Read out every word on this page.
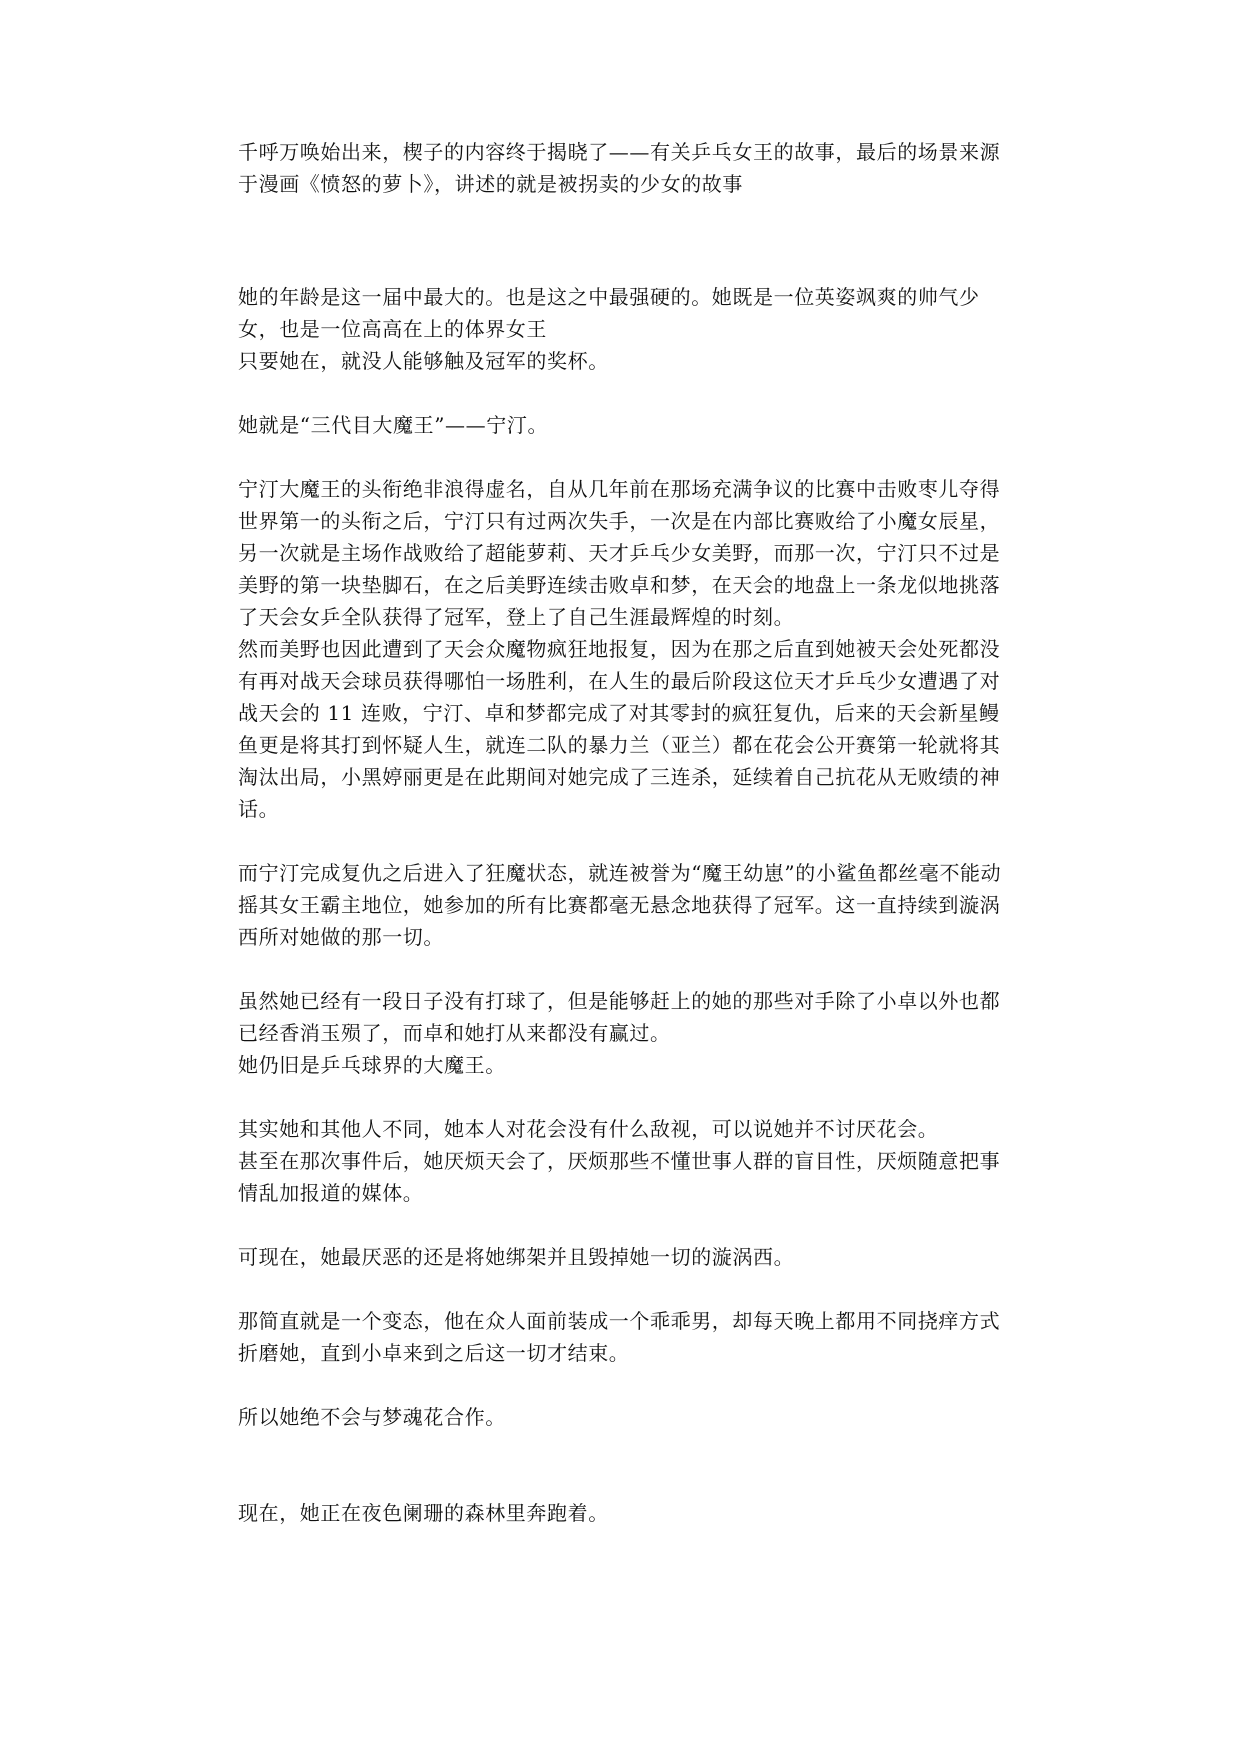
千呼万唤始出来，楔子的内容终于揭晓了——有关乒乓女王的故事，最后的场景来源于漫画《愤怒的萝卜》，讲述的就是被拐卖的少女的故事

她的年龄是这一届中最大的。也是这之中最强硬的。她既是一位英姿飒爽的帅气少女，也是一位高高在上的体界女王

只要她在，就没人能够触及冠军的奖杯。

她就是“三代目大魔王”——宁汀。

宁汀大魔王的头衔绝非浪得虚名，自从几年前在那场充满争议的比赛中击败枣儿夺得世界第一的头衔之后，宁汀只有过两次失手，一次是在内部比赛败给了小魔女辰星，另一次就是主场作战败给了超能萝莉、天才乒乓少女美野，而那一次，宁汀只不过是美野的第一块垫脚石，在之后美野连续击败卓和梦，在天会的地盘上一条龙似地挑落了天会女乒全队获得了冠军，登上了自己生涯最辉煌的时刻。

然而美野也因此遭到了天会众魔物疯狂地报复，因为在那之后直到她被天会处死都没有再对战天会球员获得哪怕一场胜利，在人生的最后阶段这位天才乒乓少女遭遇了对战天会的 11 连败，宁汀、卓和梦都完成了对其零封的疯狂复仇，后来的天会新星鳗鱼更是将其打到怀疑人生，就连二队的暴力兰（亚兰）都在花会公开赛第一轮就将其淘汰出局，小黑婷丽更是在此期间对她完成了三连杀，延续着自己抗花从无败绩的神话。

而宁汀完成复仇之后进入了狂魔状态，就连被誉为“魔王幼崽”的小鲨鱼都丝毫不能动摇其女王霸主地位，她参加的所有比赛都毫无悬念地获得了冠军。这一直持续到漩涡西所对她做的那一切。

虽然她已经有一段日子没有打球了，但是能够赶上的她的那些对手除了小卓以外也都已经香消玉殒了，而卓和她打从来都没有赢过。

她仍旧是乒乓球界的大魔王。

其实她和其他人不同，她本人对花会没有什么敌视，可以说她并不讨厌花会。

甚至在那次事件后，她厌烦天会了，厌烦那些不懂世事人群的盲目性，厌烦随意把事情乱加报道的媒体。

可现在，她最厌恶的还是将她绑架并且毁掉她一切的漩涡西。

那简直就是一个变态，他在众人面前装成一个乖乖男，却每天晚上都用不同挠痒方式折磨她，直到小卓来到之后这一切才结束。

所以她绝不会与梦魂花合作。

现在，她正在夜色阑珊的森林里奔跑着。
